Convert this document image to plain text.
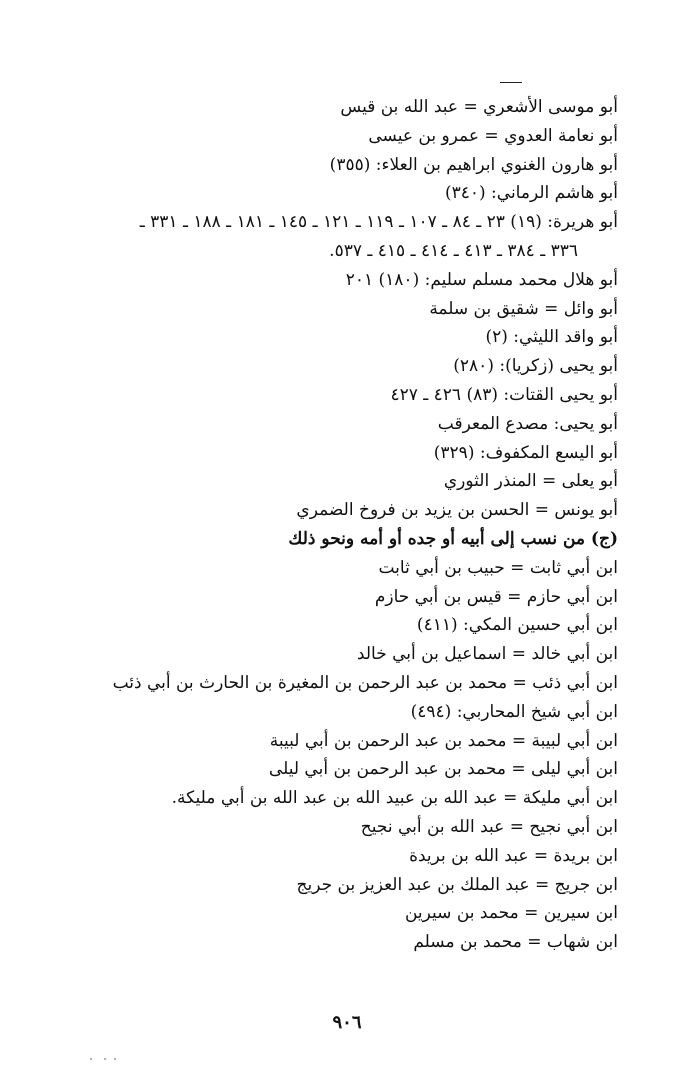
أبو موسى الأشعري = عبد الله بن قيس
أبو نعامة العدوي = عمرو بن عيسى
أبو هارون الغنوي ابراهيم بن العلاء: (٣٥٥)
أبو هاشم الرماني: (٣٤٠)
أبو هريرة: (١٩) ٢٣ ـ ٨٤ ـ ١٠٧ ـ ١١٩ ـ ١٢١ ـ ١٤٥ ـ ١٨١ ـ ١٨٨ ـ ٣٣١ ـ
٣٣٦ ـ ٣٨٤ ـ ٤١٣ ـ ٤١٤ ـ ٤١٥ ـ ٥٣٧.
أبو هلال محمد مسلم سليم: (١٨٠) ٢٠١
أبو وائل = شقيق بن سلمة
أبو واقد الليثي: (٢)
أبو يحيى (زكريا): (٢٨٠)
أبو يحيى القتات: (٨٣) ٤٢٦ ـ ٤٢٧
أبو يحيى: مصدع المعرقب
أبو اليسع المكفوف: (٣٢٩)
أبو يعلى = المنذر الثوري
أبو يونس = الحسن بن يزيد بن فروخ الضمري
(ج) من نسب إلى أبيه أو جده أو أمه ونحو ذلك
ابن أبي ثابت = حبيب بن أبي ثابت
ابن أبي حازم = قيس بن أبي حازم
ابن أبي حسين المكي: (٤١١)
ابن أبي خالد = اسماعيل بن أبي خالد
ابن أبي ذئب = محمد بن عبد الرحمن بن المغيرة بن الحارث بن أبي ذئب
ابن أبي شيخ المحاربي: (٤٩٤)
ابن أبي لبيبة = محمد بن عبد الرحمن بن أبي لبيبة
ابن أبي ليلى = محمد بن عبد الرحمن بن أبي ليلى
ابن أبي مليكة = عبد الله بن عبيد الله بن عبد الله بن أبي مليكة.
ابن أبي نجيح = عبد الله بن أبي نجيح
ابن بريدة = عبد الله بن بريدة
ابن جريج = عبد الملك بن عبد العزيز بن جريج
ابن سيرين = محمد بن سيرين
ابن شهاب = محمد بن مسلم
٩٠٦
